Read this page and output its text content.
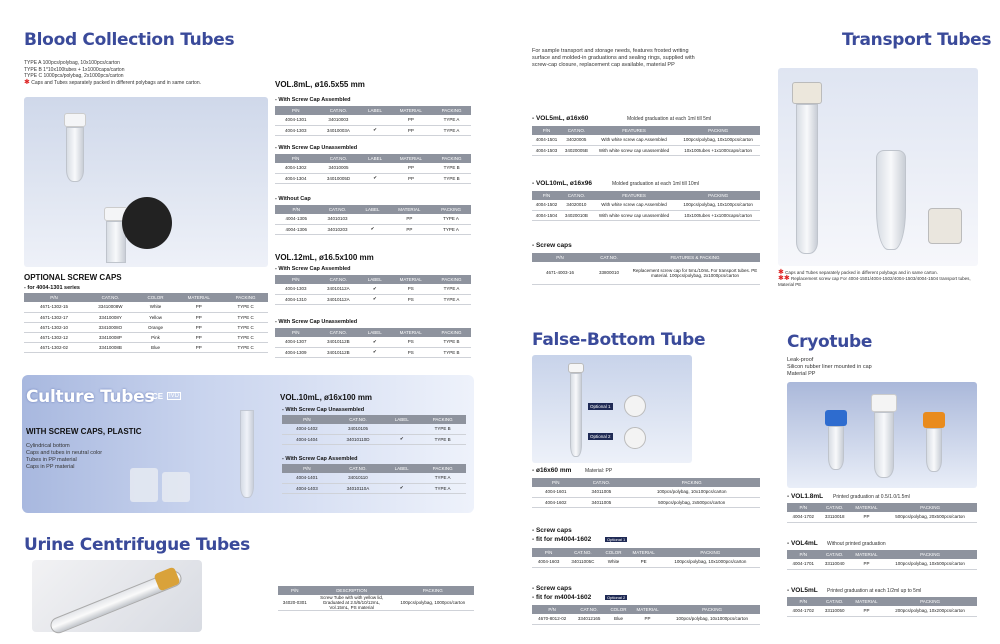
Blood Collection Tubes
TYPE A 100pcs/polybag, 10x100pcs/carton
TYPE B 1*10x100tubes + 1x1000caps/carton
TYPE C 1000pcs/polybag, 2x1000pcs/carton
✱ Caps and Tubes separately packed in different polybags and in same carton.
OPTIONAL SCREW CAPS
- for 4004-1301 series
P/N	CAT.NO.	COLOR	MATERIAL	PACKING
4671-1302-15	33410008W	White	PP	TYPE C
4671-1302-17	33410008Y	Yellow	PP	TYPE C
4671-1302-10	33410008O	Orange	PP	TYPE C
4671-1302-12	33410008P	Pink	PP	TYPE C
4671-1302-02	33410008B	Blue	PP	TYPE C
VOL.8mL, ø16.5x55 mm
- With Screw Cap Assembled
P/N	CAT.NO.	LABEL	MATERIAL	PACKING
4004-1301	34010003		PP	TYPE A
4004-1303	34010003A	✔	PP	TYPE A
- With Screw Cap Unassembled
P/N	CAT.NO.	LABEL	MATERIAL	PACKING
4004-1302	34010005		PP	TYPE B
4004-1304	34010005D	✔	PP	TYPE B
- Without Cap
P/N	CAT.NO.	LABEL	MATERIAL	PACKING
4004-1305	34010103		PP	TYPE A
4004-1306	34010203	✔	PP	TYPE A
VOL.12mL, ø16.5x100 mm
- With Screw Cap Assembled
P/N	CAT.NO.	LABEL	MATERIAL	PACKING
4004-1303	34010112A	✔	PS	TYPE A
4004-1310	34010112A	✔	PS	TYPE A
- With Screw Cap Unassembled
P/N	CAT.NO.	LABEL	MATERIAL	PACKING
4004-1307	34010112B	✔	PS	TYPE B
4004-1309	34010112B	✔	PS	TYPE B
Culture Tubes
CE IVD
WITH SCREW CAPS, PLASTIC
Cylindrical bottom
Caps and tubes in neutral color
Tubes in PP material
Caps in PP material
VOL.10mL, ø16x100 mm
- With Screw Cap Unassembled
P/N	CAT.NO.	LABEL	PACKING
4004-1402	34010105		TYPE B
4004-1404	34010110D	✔	TYPE B
- With Screw Cap Assembled
P/N	CAT.NO.	LABEL	PACKING
4004-1401	34010110		TYPE A
4004-1403	34010110A	✔	TYPE A
Urine Centrifugue Tubes
P/N	DESCRIPTION	PACKING
34020-0301	Screw Tube with with yellow lid, Graduated at 2.5/5/10/12mL, Vol.15mL, PS material	100pcs/polybag, 1000pcs/carton
For sample transport and storage needs, features frosted writing surface and molded-in graduations and sealing rings, supplied with screw-cap closure, replacement cap available, material PP
- VOL5mL, ø16x60	Molded graduation at each 1ml till 5ml
P/N	CAT.NO.	FEATURES	PACKING
4004-1501	34020005	With white screw cap Assembled	100pcs/polybag, 10x100pcs/carton
4004-1503	34020005B	With white screw cap unassembled	10x100tubes +1x1000caps/carton
- VOL10mL, ø16x96	Molded graduation at each 1ml till 10ml
P/N	CAT.NO.	FEATURES	PACKING
4004-1502	34020010	With white screw cap Assembled	100pcs/polybag, 10x100pcs/carton
4004-1504	34020010B	With white screw cap unassembled	10x100tubes +1x1000caps/carton
- Screw caps
P/N	CAT.NO.	FEATURES & PACKING
4671-4003-16	33800010	Replacement screw cap for 5mL/10mL For transport tubes. PE material. 100pcs/polybag, 2x1000pcs/carton
Transport Tubes
✱ Caps and Tubes separately packed in different polybags and in same carton.
✱✱ Replacement screw cap For 4004-1501/4004-1502/4004-1503/4004-1504 transport tubes, Material PE
False-Bottom Tube
Optional 1
Optional 2
- ø16x60 mm	Material: PP
P/N	CAT.NO.	PACKING
4004-1601	34011005	100pcs/polybag, 10x100pcs/carton
4004-1602	34011005	500pcs/polybag, 2x500pcs/carton
- Screw caps
- fit for m4004-1602	Optional 1
P/N	CAT.NO.	COLOR	MATERIAL	PACKING
4004-1603	34011005C	White	PE	100pcs/polybag, 10x1000pcs/carton
- Screw caps
- fit for m4004-1602	Optional 2
P/N	CAT.NO.	COLOR	MATERIAL	PACKING
4670-8012-02	334012165	Blue	PP	100pcs/polybag, 10x1000pcs/carton
Cryotube
Leak-proof
Silicon rubber liner mounted in cap
Material PP
- VOL1.8mL Printed graduation at 0.5/1.0/1.5ml
P/N	CAT.NO.	MATERIAL	PACKING
4004-1702	33110018	PP	500pcs/polybag, 20x500pcs/carton
- VOL4mL Without printed graduation
P/N	CAT.NO.	MATERIAL	PACKING
4004-1701	33110040	PP	100pcs/polybag, 10x500pcs/carton
- VOL5mL Printed graduation at each 1/2ml up to 5ml
P/N	CAT.NO.	MATERIAL	PACKING
4004-1702	33110050	PP	200pcs/polybag, 10x200pcs/carton
